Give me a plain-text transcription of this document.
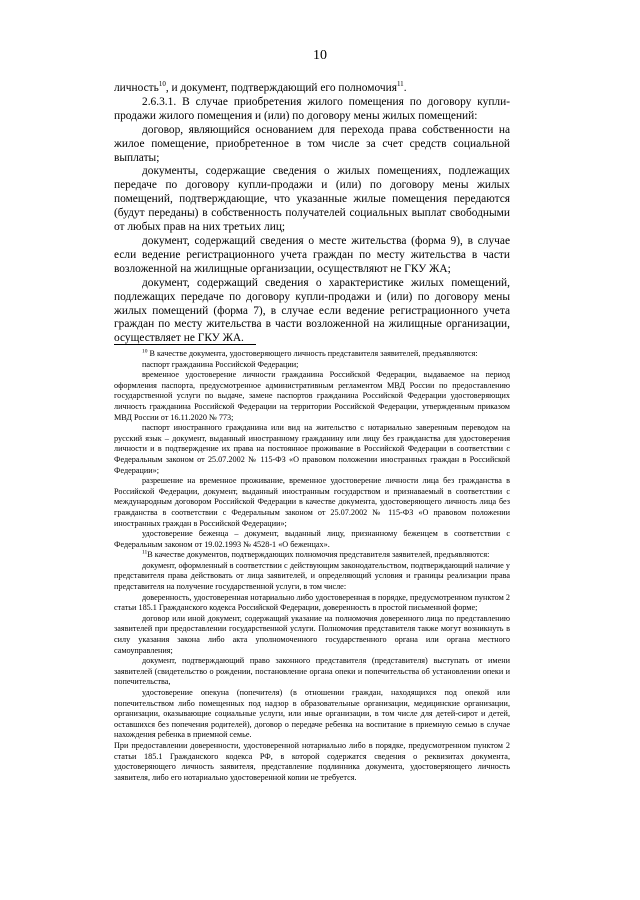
10

личность$^{10}$, и документ, подтверждающий его полномочия$^{11}$.

2.6.3.1. В случае приобретения жилого помещения по договору купли-продажи жилого помещения и (или) по договору мены жилых помещений:

договор, являющийся основанием для перехода права собственности на жилое помещение, приобретенное в том числе за счет средств социальной выплаты;

документы, содержащие сведения о жилых помещениях, подлежащих передаче по договору купли-продажи и (или) по договору мены жилых помещений, подтверждающие, что указанные жилые помещения передаются (будут переданы) в собственность получателей социальных выплат свободными от любых прав на них третьих лиц;

документ, содержащий сведения о месте жительства (форма 9), в случае если ведение регистрационного учета граждан по месту жительства в части возложенной на жилищные организации, осуществляют не ГКУ ЖА;

документ, содержащий сведения о характеристике жилых помещений, подлежащих передаче по договору купли-продажи и (или) по договору мены жилых помещений (форма 7), в случае если ведение регистрационного учета граждан по месту жительства в части возложенной на жилищные организации, осуществляет не ГКУ ЖА.

$^{10}$ В качестве документа, удостоверяющего личность представителя заявителей, предъявляются:

паспорт гражданина Российской Федерации;

временное удостоверение личности гражданина Российской Федерации, выдаваемое на период оформления паспорта, предусмотренное административным регламентом МВД России по предоставлению государственной услуги по выдаче, замене паспортов гражданина Российской Федерации удостоверяющих личность гражданина Российской Федерации на территории Российской Федерации, утвержденным приказом МВД России от 16.11.2020 № 773;

паспорт иностранного гражданина или вид на жительство с нотариально заверенным переводом на русский язык – документ, выданный иностранному гражданину или лицу без гражданства для удостоверения личности и в подтверждение их права на постоянное проживание в Российской Федерации в соответствии с Федеральным законом от 25.07.2002 № 115-ФЗ «О правовом положении иностранных граждан в Российской Федерации»;

разрешение на временное проживание, временное удостоверение личности лица без гражданства в Российской Федерации, документ, выданный иностранным государством и признаваемый в соответствии с международным договором Российской Федерации в качестве документа, удостоверяющего личность лица без гражданства в соответствии с Федеральным законом от 25.07.2002 № 115-ФЗ «О правовом положении иностранных граждан в Российской Федерации»;

удостоверение беженца – документ, выданный лицу, признанному беженцем в соответствии с Федеральным законом от 19.02.1993 № 4528-1 «О беженцах».

$^{11}$В качестве документов, подтверждающих полномочия представителя заявителей, предъявляются:

документ, оформленный в соответствии с действующим законодательством, подтверждающий наличие у представителя права действовать от лица заявителей, и определяющий условия и границы реализации права представителя на получение государственной услуги, в том числе:

доверенность, удостоверенная нотариально либо удостоверенная в порядке, предусмотренном пунктом 2 статьи 185.1 Гражданского кодекса Российской Федерации, доверенность в простой письменной форме;

договор или иной документ, содержащий указание на полномочия доверенного лица по представлению заявителей при предоставлении государственной услуги. Полномочия представителя также могут возникнуть в силу указания закона либо акта уполномоченного государственного органа или органа местного самоуправления;

документ, подтверждающий право законного представителя (представителя) выступать от имени заявителей (свидетельство о рождении, постановление органа опеки и попечительства об установлении опеки и попечительства,

удостоверение опекуна (попечителя) (в отношении граждан, находящихся под опекой или попечительством либо помещенных под надзор в образовательные организации, медицинские организации, организации, оказывающие социальные услуги, или иные организации, в том числе для детей-сирот и детей, оставшихся без попечения родителей), договор о передаче ребенка на воспитание в приемную семью в случае нахождения ребенка в приемной семье.

При предоставлении доверенности, удостоверенной нотариально либо в порядке, предусмотренном пунктом 2 статьи 185.1 Гражданского кодекса РФ, в которой содержатся сведения о реквизитах документа, удостоверяющего личность заявителя, представление подлинника документа, удостоверяющего личность заявителя, либо его нотариально удостоверенной копии не требуется.
